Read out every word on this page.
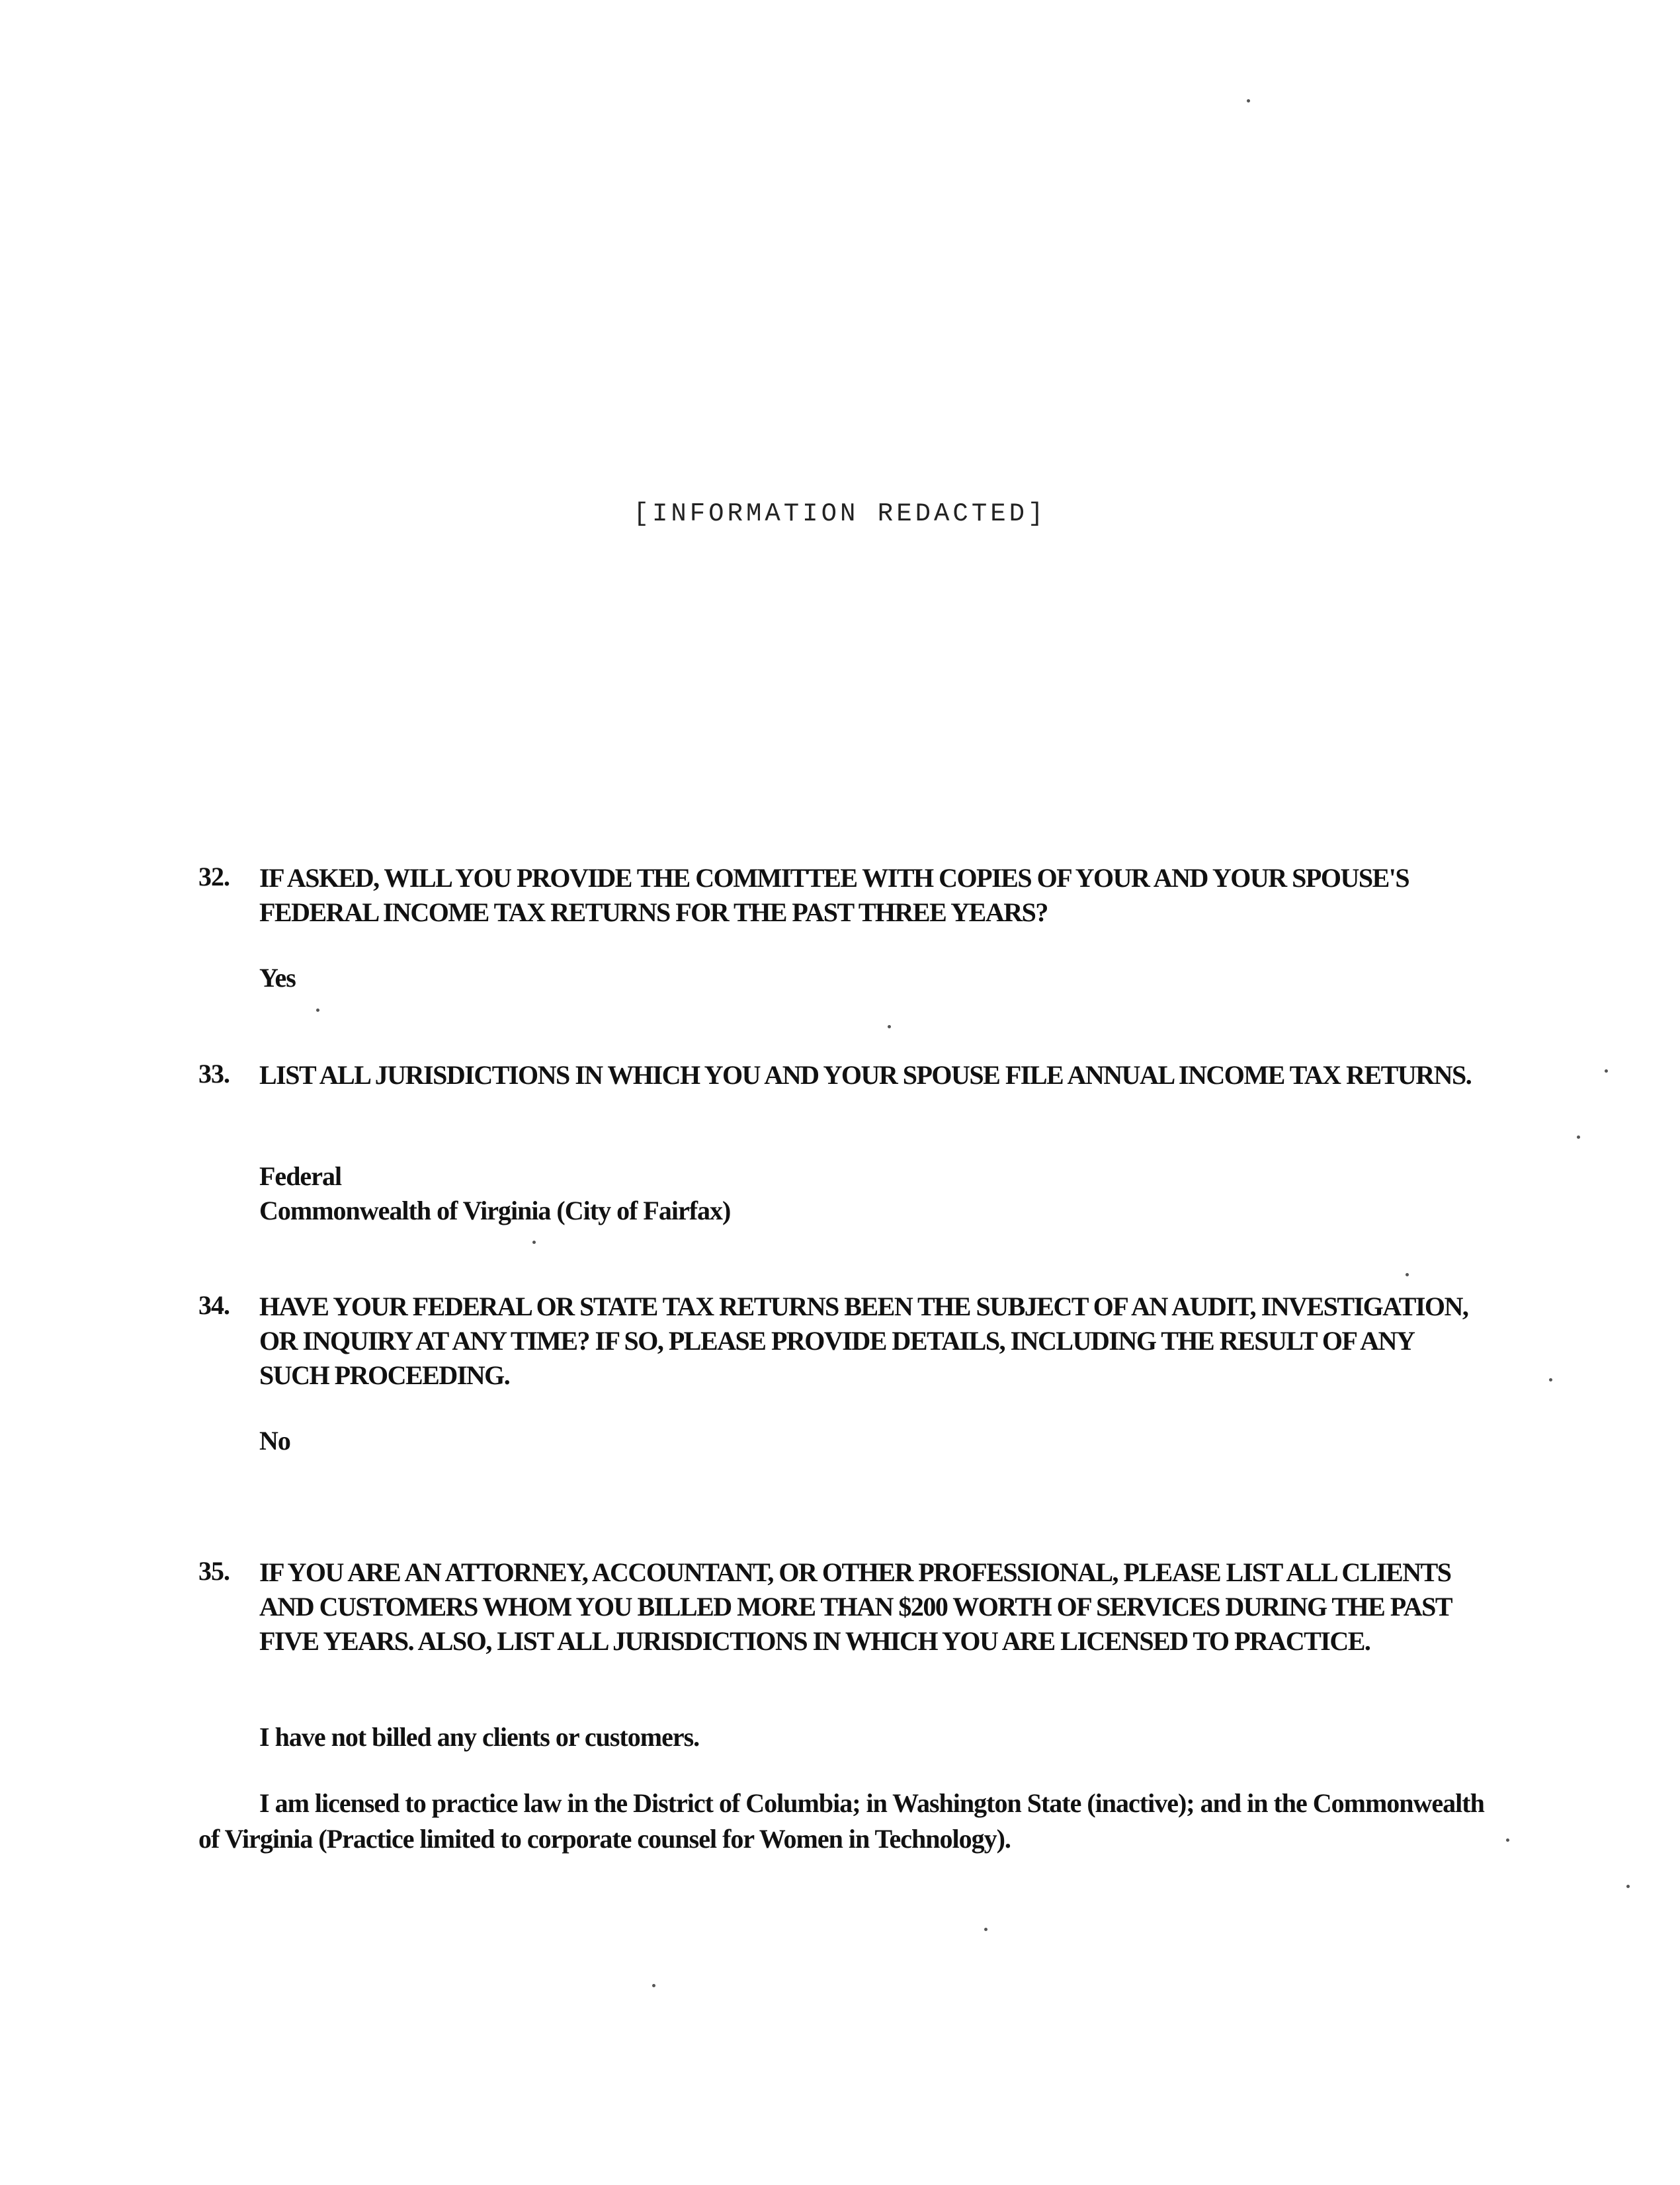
[INFORMATION REDACTED]
32. IF ASKED, WILL YOU PROVIDE THE COMMITTEE WITH COPIES OF YOUR AND YOUR SPOUSE'S FEDERAL INCOME TAX RETURNS FOR THE PAST THREE YEARS?
Yes
33. LIST ALL JURISDICTIONS IN WHICH YOU AND YOUR SPOUSE FILE ANNUAL INCOME TAX RETURNS.
Federal
Commonwealth of Virginia (City of Fairfax)
34. HAVE YOUR FEDERAL OR STATE TAX RETURNS BEEN THE SUBJECT OF AN AUDIT, INVESTIGATION, OR INQUIRY AT ANY TIME? IF SO, PLEASE PROVIDE DETAILS, INCLUDING THE RESULT OF ANY SUCH PROCEEDING.
No
35. IF YOU ARE AN ATTORNEY, ACCOUNTANT, OR OTHER PROFESSIONAL, PLEASE LIST ALL CLIENTS AND CUSTOMERS WHOM YOU BILLED MORE THAN $200 WORTH OF SERVICES DURING THE PAST FIVE YEARS. ALSO, LIST ALL JURISDICTIONS IN WHICH YOU ARE LICENSED TO PRACTICE.
I have not billed any clients or customers.
I am licensed to practice law in the District of Columbia; in Washington State (inactive); and in the Commonwealth of Virginia (Practice limited to corporate counsel for Women in Technology).
